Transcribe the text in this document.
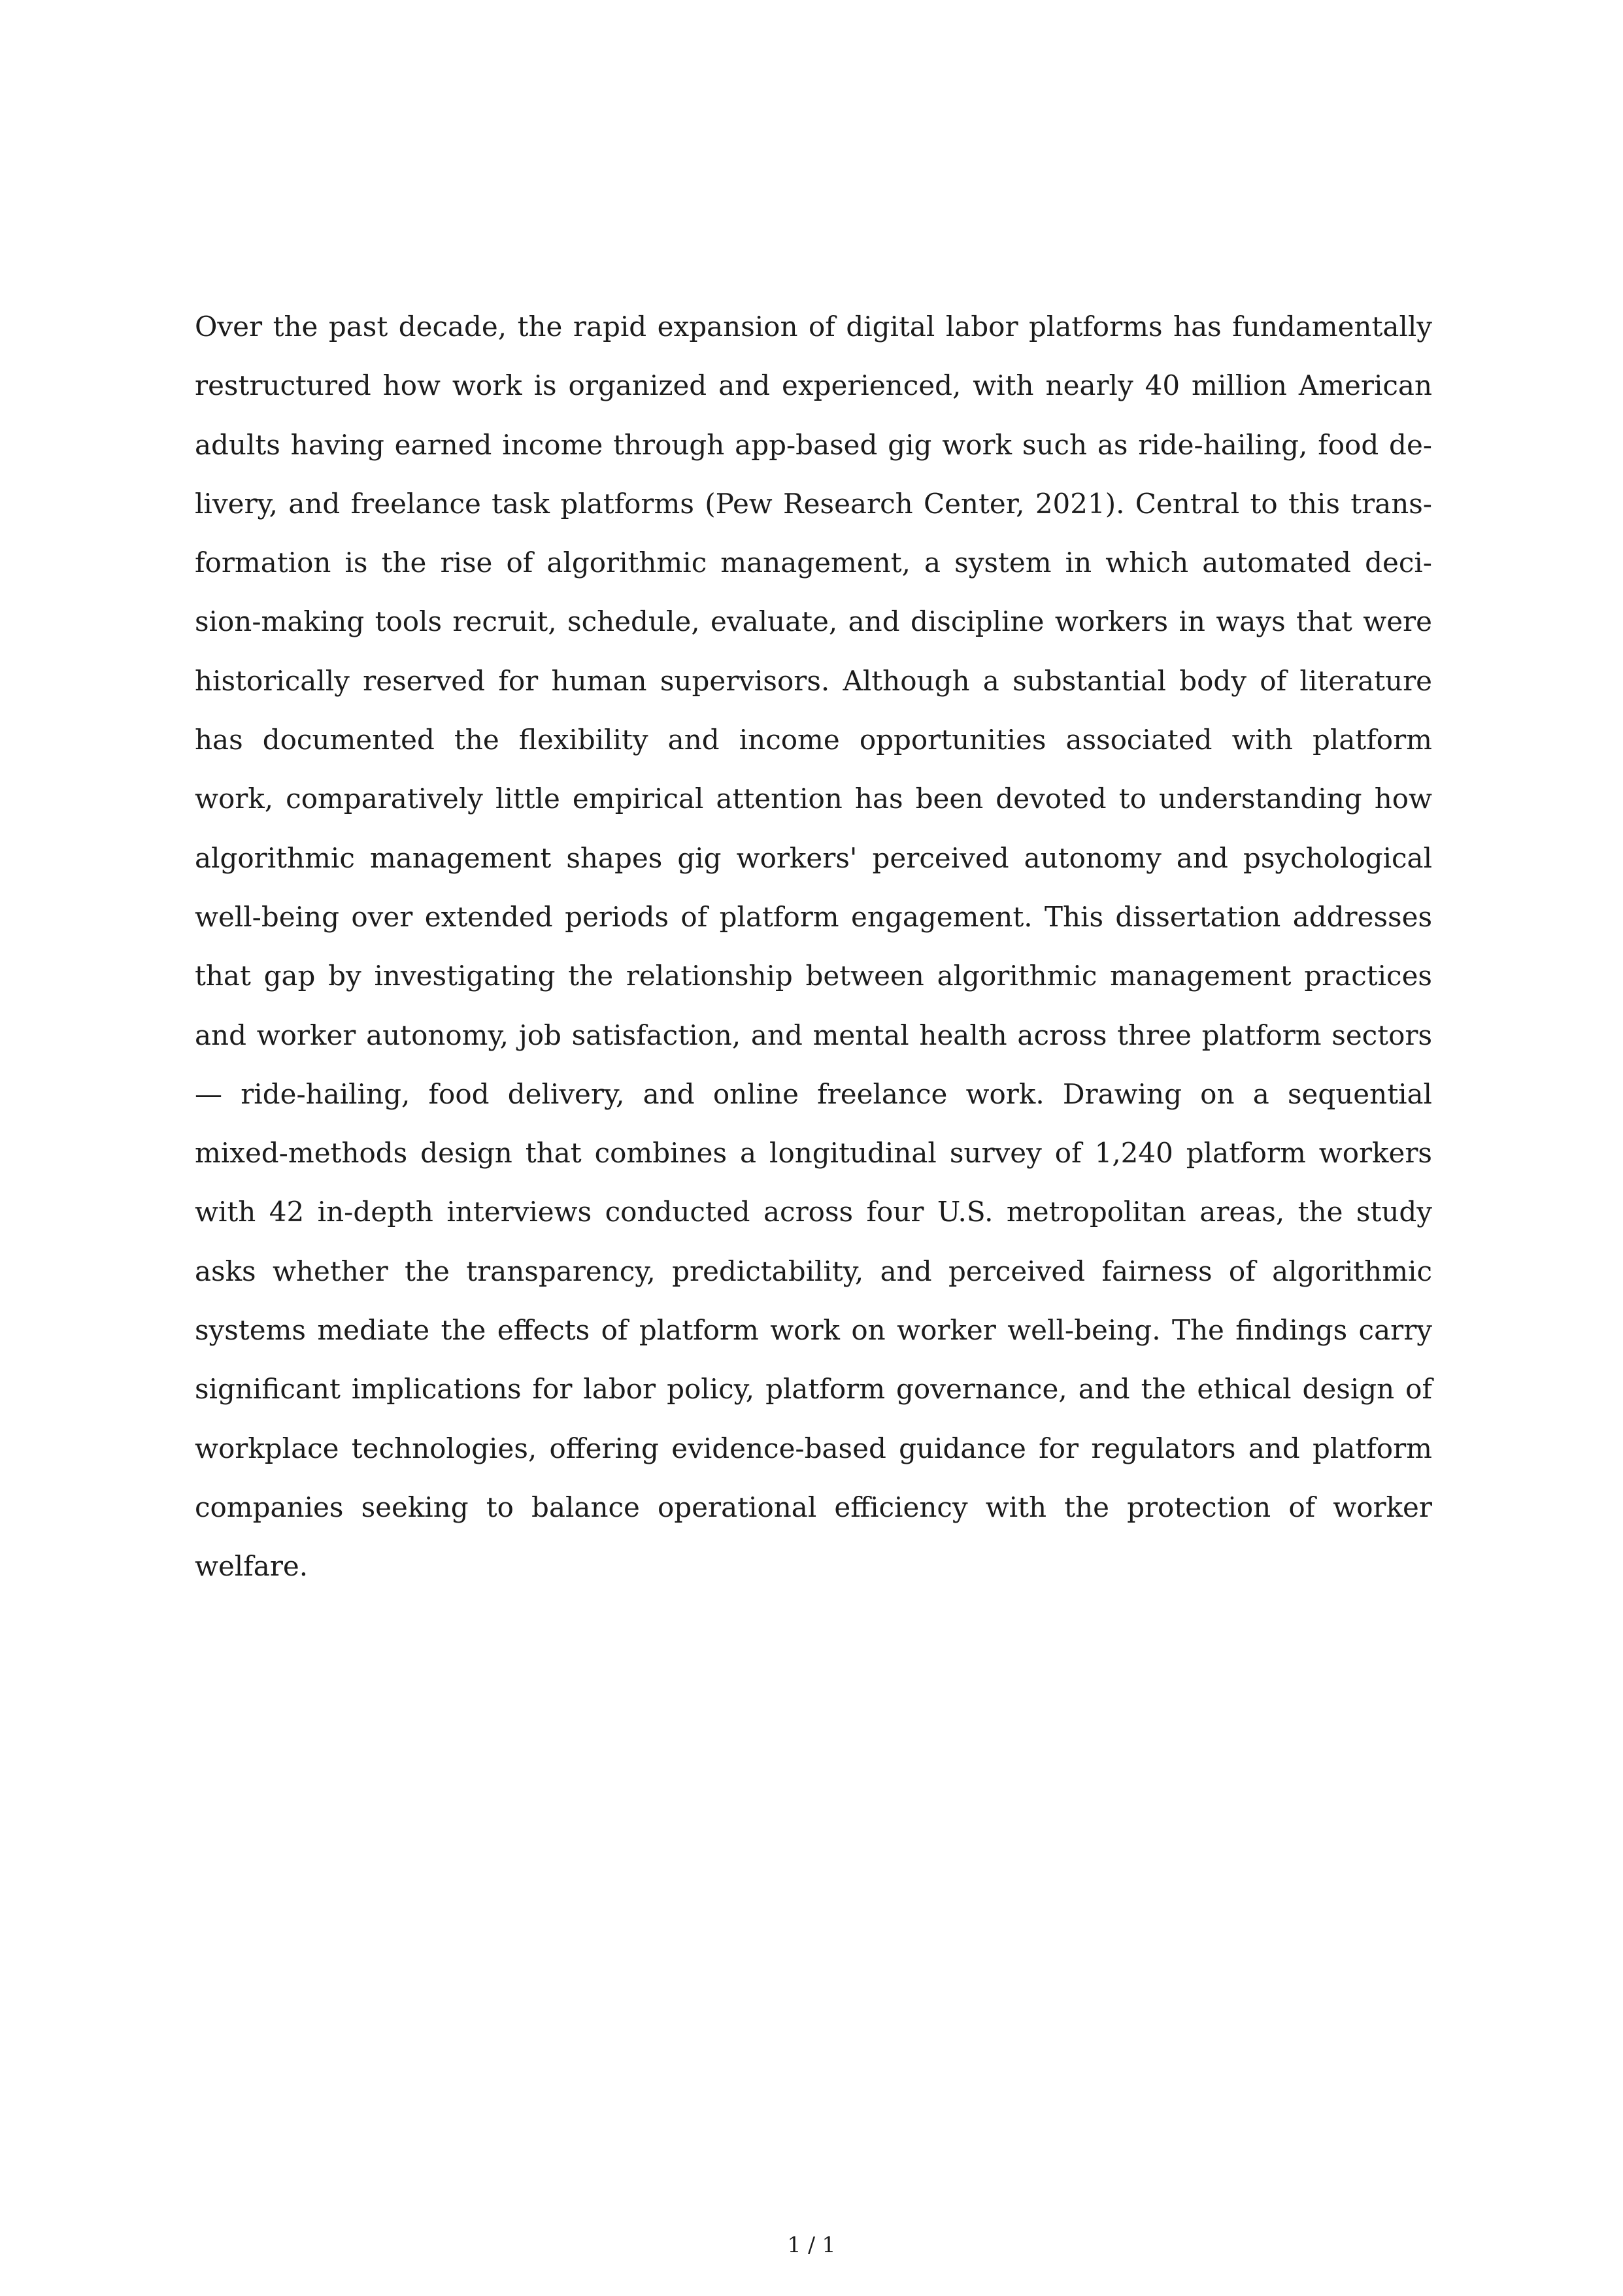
Over the past decade, the rapid expansion of digital labor platforms has fundamentally
restructured how work is organized and experienced, with nearly 40 million American
adults having earned income through app-based gig work such as ride-hailing, food de-
livery, and freelance task platforms (Pew Research Center, 2021). Central to this trans-
formation is the rise of algorithmic management, a system in which automated deci-
sion-making tools recruit, schedule, evaluate, and discipline workers in ways that were
historically reserved for human supervisors. Although a substantial body of literature
has documented the flexibility and income opportunities associated with platform
work, comparatively little empirical attention has been devoted to understanding how
algorithmic management shapes gig workers' perceived autonomy and psychological
well-being over extended periods of platform engagement. This dissertation addresses
that gap by investigating the relationship between algorithmic management practices
and worker autonomy, job satisfaction, and mental health across three platform sectors
— ride-hailing, food delivery, and online freelance work. Drawing on a sequential
mixed-methods design that combines a longitudinal survey of 1,240 platform workers
with 42 in-depth interviews conducted across four U.S. metropolitan areas, the study
asks whether the transparency, predictability, and perceived fairness of algorithmic
systems mediate the effects of platform work on worker well-being. The findings carry
significant implications for labor policy, platform governance, and the ethical design of
workplace technologies, offering evidence-based guidance for regulators and platform
companies seeking to balance operational efficiency with the protection of worker
welfare.

1 / 1
